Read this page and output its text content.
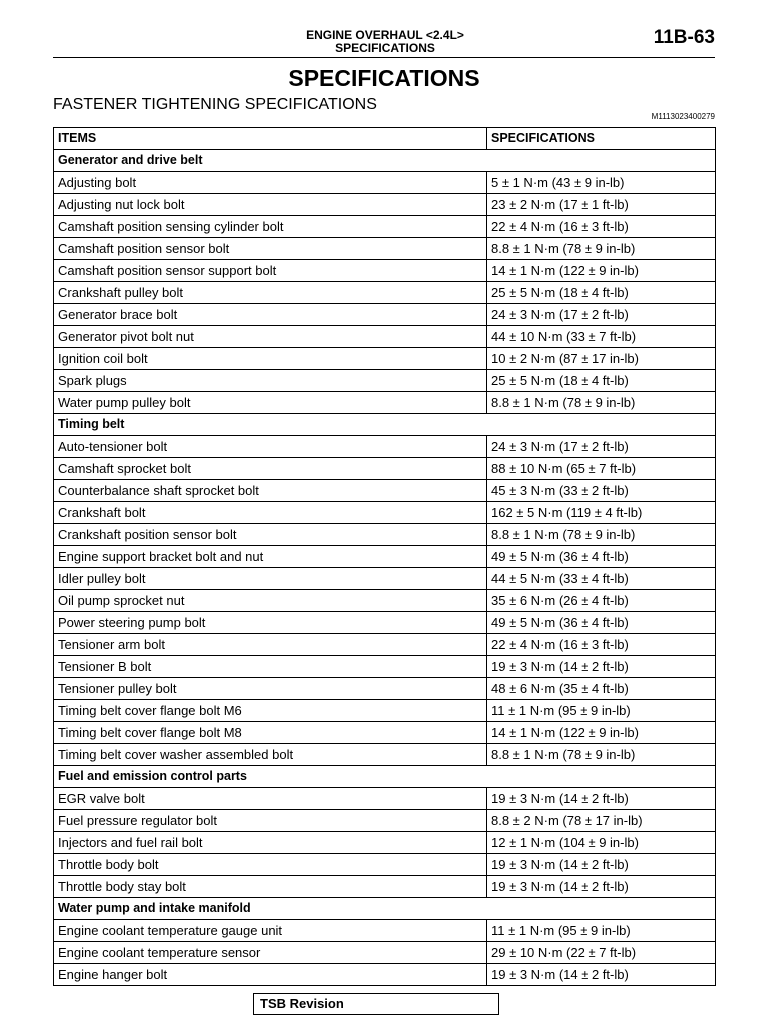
ENGINE OVERHAUL <2.4L>
SPECIFICATIONS	11B-63
SPECIFICATIONS
FASTENER TIGHTENING SPECIFICATIONS
M1113023400279
ITEMS	SPECIFICATIONS
Generator and drive belt	
Adjusting bolt	5 ± 1 N·m (43 ± 9 in-lb)
Adjusting nut lock bolt	23 ± 2 N·m (17 ± 1 ft-lb)
Camshaft position sensing cylinder bolt	22 ± 4 N·m (16 ± 3 ft-lb)
Camshaft position sensor bolt	8.8 ± 1 N·m (78 ± 9 in-lb)
Camshaft position sensor support bolt	14 ± 1 N·m (122 ± 9 in-lb)
Crankshaft pulley bolt	25 ± 5 N·m (18 ± 4 ft-lb)
Generator brace bolt	24 ± 3 N·m (17 ± 2 ft-lb)
Generator pivot bolt nut	44 ± 10 N·m (33 ± 7 ft-lb)
Ignition coil bolt	10 ± 2 N·m (87 ± 17 in-lb)
Spark plugs	25 ± 5 N·m (18 ± 4 ft-lb)
Water pump pulley bolt	8.8 ± 1 N·m (78 ± 9 in-lb)
Timing belt	
Auto-tensioner bolt	24 ± 3 N·m (17 ± 2 ft-lb)
Camshaft sprocket bolt	88 ± 10 N·m (65 ± 7 ft-lb)
Counterbalance shaft sprocket bolt	45 ± 3 N·m (33 ± 2 ft-lb)
Crankshaft bolt	162 ± 5 N·m (119 ± 4 ft-lb)
Crankshaft position sensor bolt	8.8 ± 1 N·m (78 ± 9 in-lb)
Engine support bracket bolt and nut	49 ± 5 N·m (36 ± 4 ft-lb)
Idler pulley bolt	44 ± 5 N·m (33 ± 4 ft-lb)
Oil pump sprocket nut	35 ± 6 N·m (26 ± 4 ft-lb)
Power steering pump bolt	49 ± 5 N·m (36 ± 4 ft-lb)
Tensioner arm bolt	22 ± 4 N·m (16 ± 3 ft-lb)
Tensioner B bolt	19 ± 3 N·m (14 ± 2 ft-lb)
Tensioner pulley bolt	48 ± 6 N·m (35 ± 4 ft-lb)
Timing belt cover flange bolt M6	11 ± 1 N·m (95 ± 9 in-lb)
Timing belt cover flange bolt M8	14 ± 1 N·m (122 ± 9 in-lb)
Timing belt cover washer assembled bolt	8.8 ± 1 N·m (78 ± 9 in-lb)
Fuel and emission control parts	
EGR valve bolt	19 ± 3 N·m (14 ± 2 ft-lb)
Fuel pressure regulator bolt	8.8 ± 2 N·m (78 ± 17 in-lb)
Injectors and fuel rail bolt	12 ± 1 N·m (104 ± 9 in-lb)
Throttle body bolt	19 ± 3 N·m (14 ± 2 ft-lb)
Throttle body stay bolt	19 ± 3 N·m (14 ± 2 ft-lb)
Water pump and intake manifold	
Engine coolant temperature gauge unit	11 ± 1 N·m (95 ± 9 in-lb)
Engine coolant temperature sensor	29 ± 10 N·m (22 ± 7 ft-lb)
Engine hanger bolt	19 ± 3 N·m (14 ± 2 ft-lb)
TSB Revision
